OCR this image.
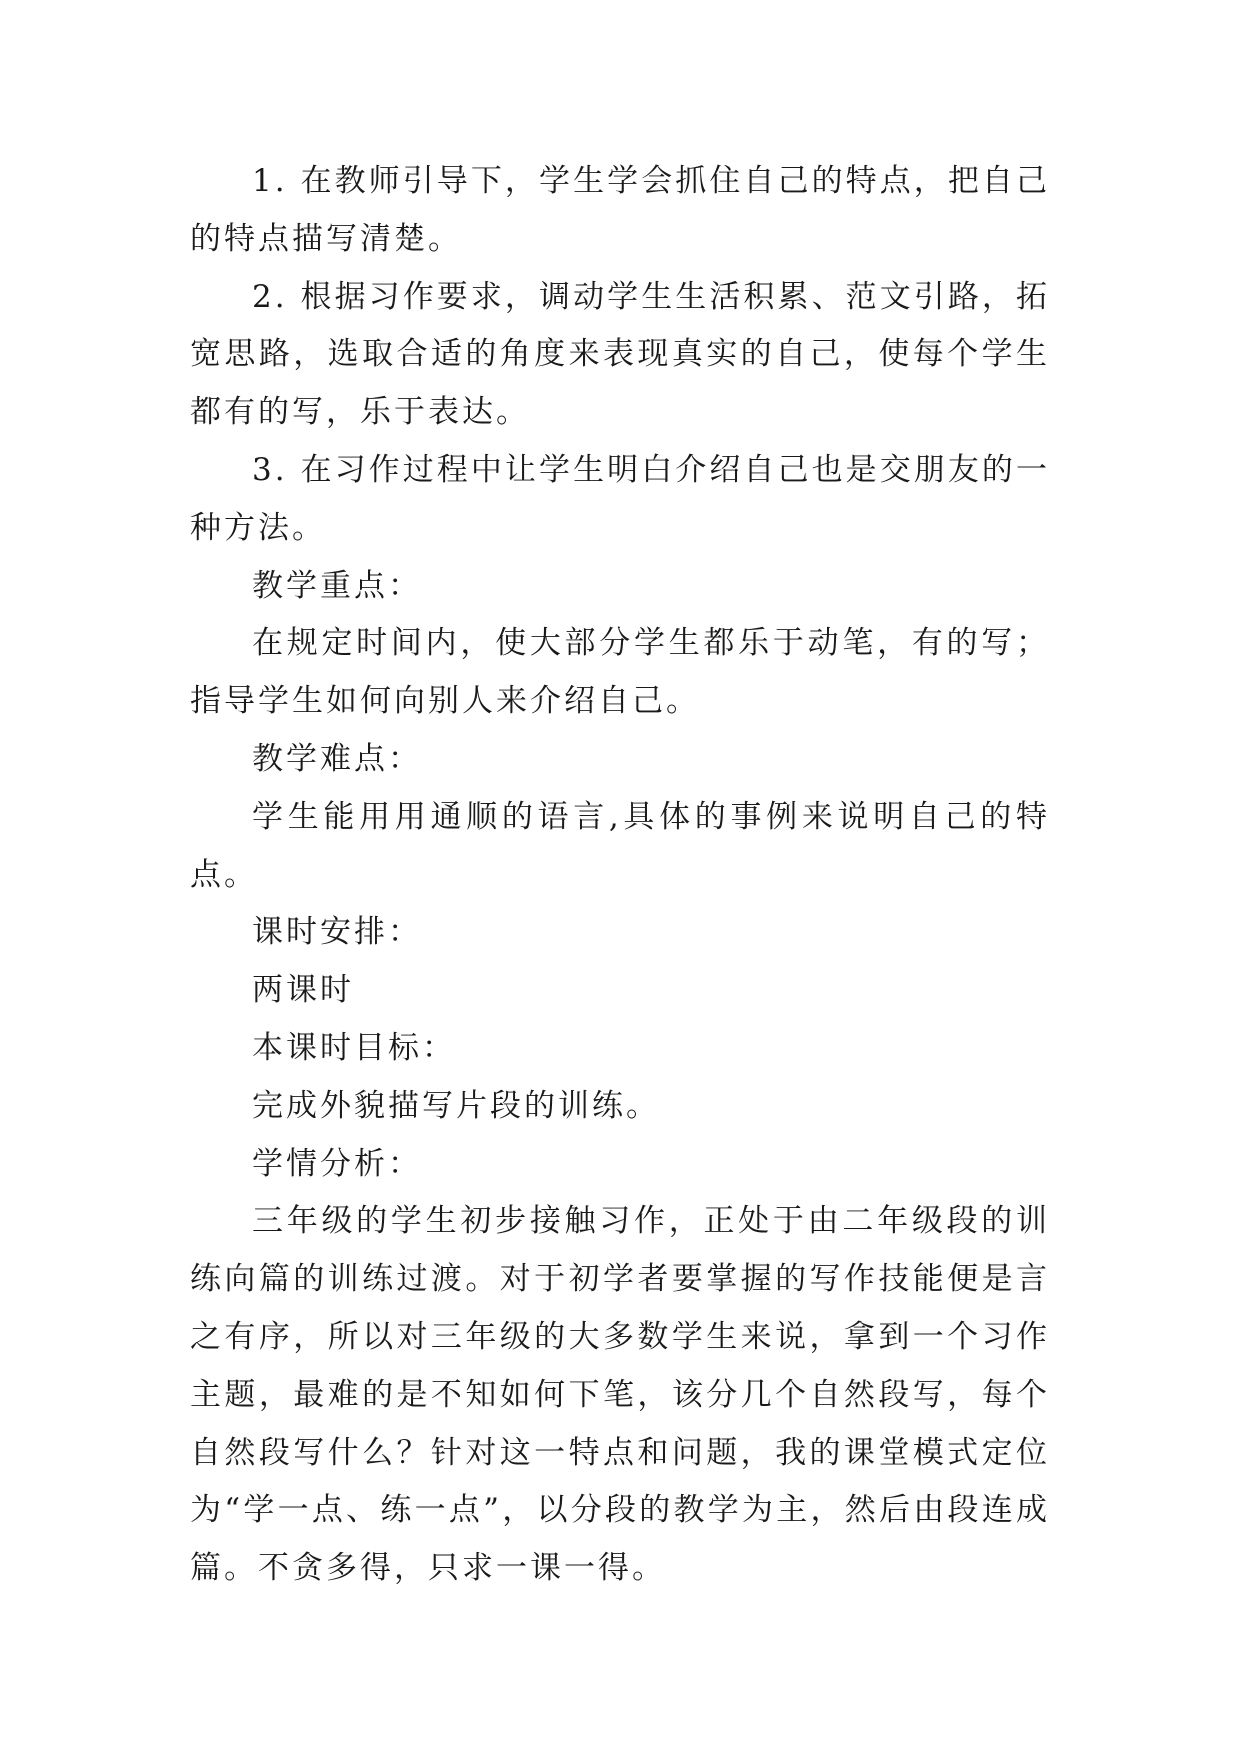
1. 在教师引导下，学生学会抓住自己的特点，把自己的特点描写清楚。

2. 根据习作要求，调动学生生活积累、范文引路，拓宽思路，选取合适的角度来表现真实的自己，使每个学生都有的写，乐于表达。

3. 在习作过程中让学生明白介绍自己也是交朋友的一种方法。

教学重点：

在规定时间内，使大部分学生都乐于动笔，有的写；指导学生如何向别人来介绍自己。

教学难点：

学生能用用通顺的语言,具体的事例来说明自己的特点。

课时安排：

两课时

本课时目标：

完成外貌描写片段的训练。

学情分析：

三年级的学生初步接触习作，正处于由二年级段的训练向篇的训练过渡。对于初学者要掌握的写作技能便是言之有序，所以对三年级的大多数学生来说，拿到一个习作主题，最难的是不知如何下笔，该分几个自然段写，每个自然段写什么？针对这一特点和问题，我的课堂模式定位为“学一点、练一点”，以分段的教学为主，然后由段连成篇。不贪多得，只求一课一得。
